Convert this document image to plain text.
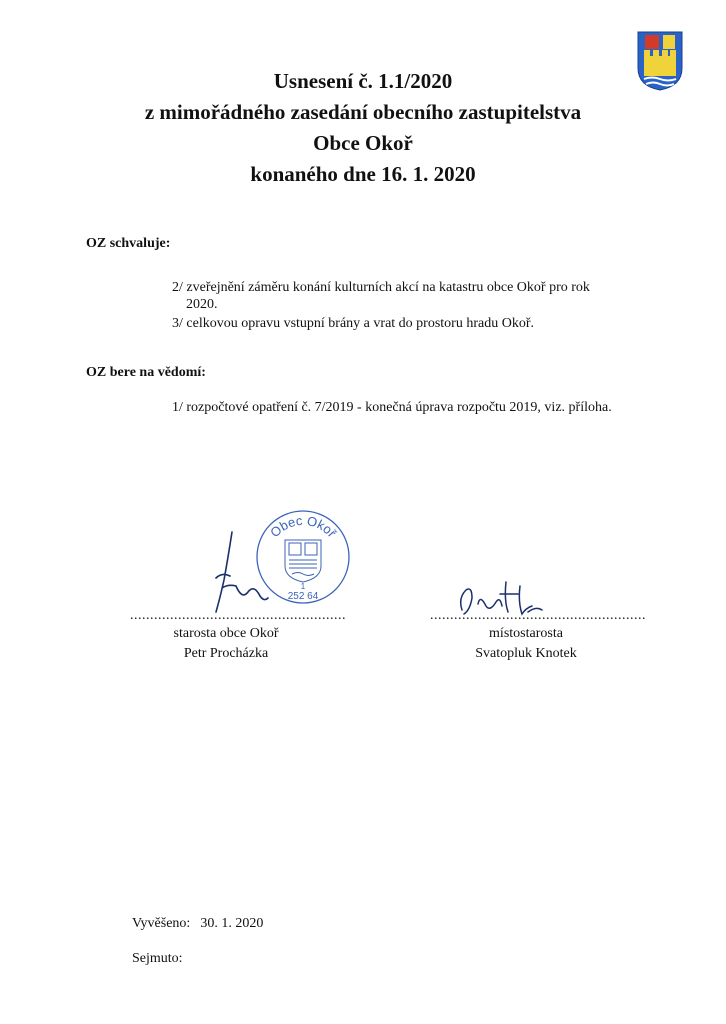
Usnesení č. 1.1/2020
z mimořádného zasedání obecního zastupitelstva
Obce Okoř
konaného dne 16. 1. 2020
OZ schvaluje:
2/ zveřejnění záměru konání kulturních akcí na katastru obce Okoř pro rok
2020.
3/ celkovou opravu vstupní brány a vrat do prostoru hradu Okoř.
OZ bere na vědomí:
1/ rozpočtové opatření č. 7/2019 - konečná úprava rozpočtu 2019, viz. příloha.
Obec Okoř
1
252 64
......................................................	......................................................
starosta obce Okoř
Petr Procházka
místostarosta
Svatopluk Knotek
Vyvěšeno: 30. 1. 2020
Sejmuto:
